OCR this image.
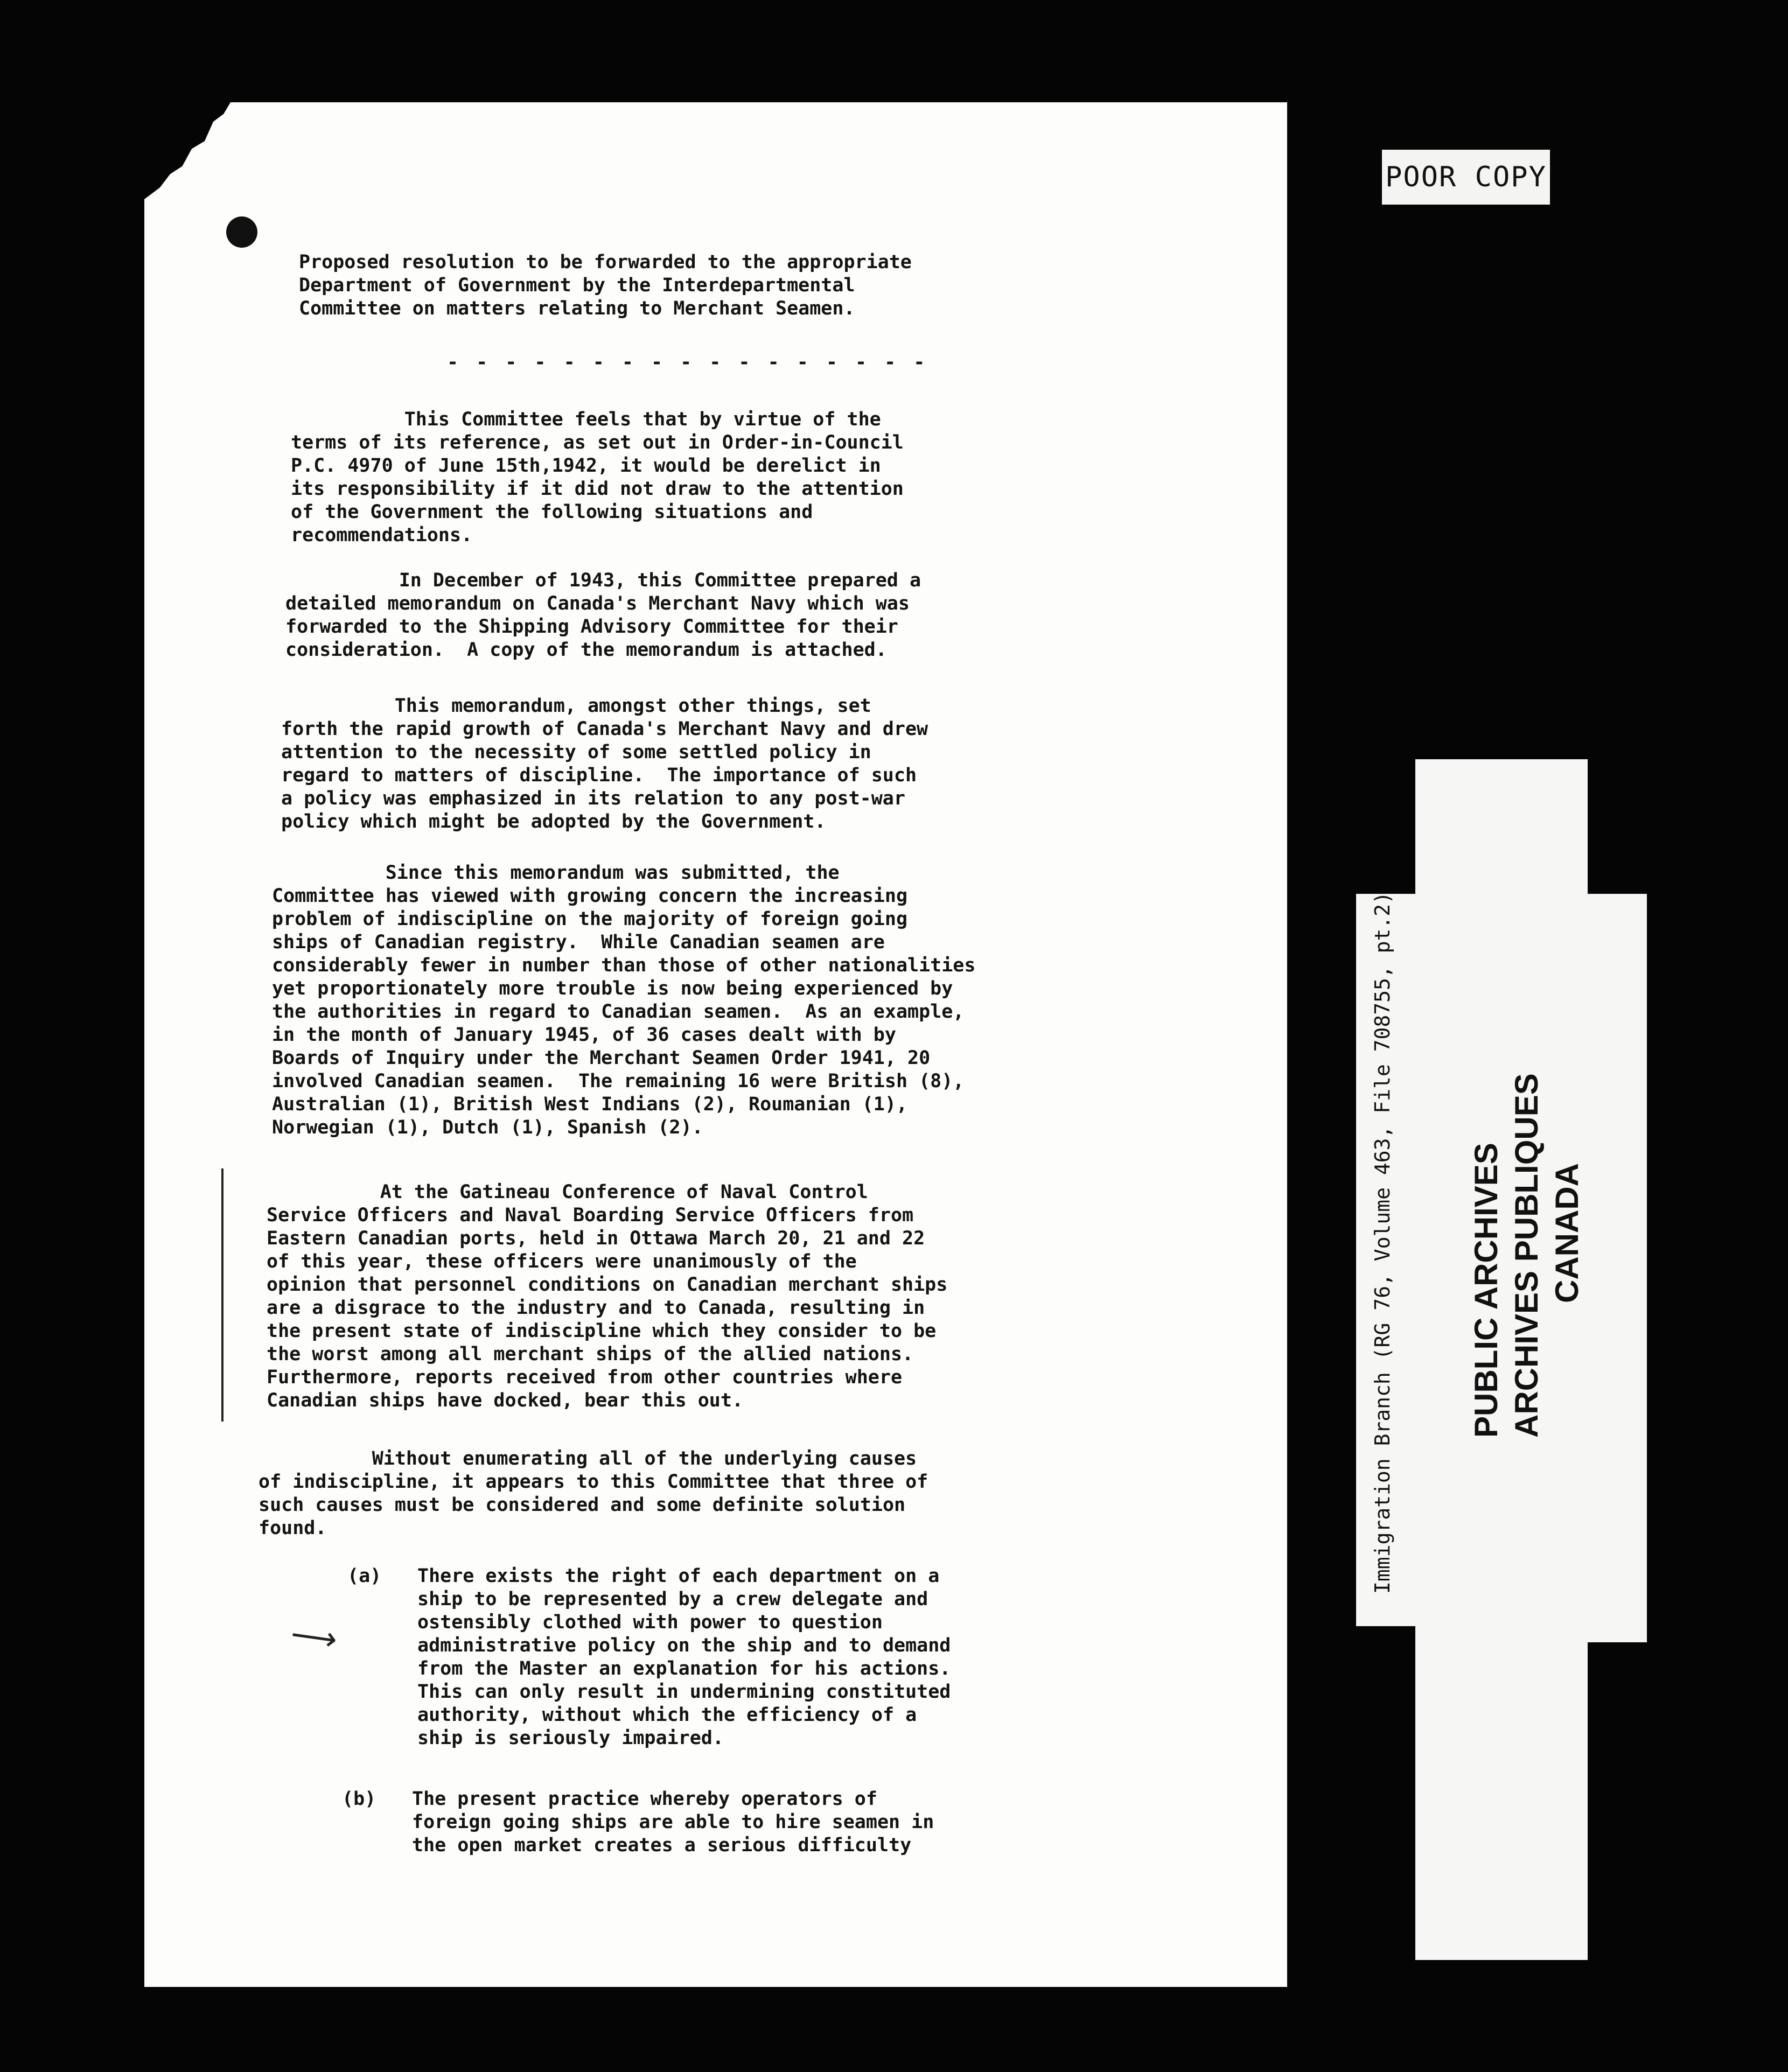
⟶
Proposed resolution to be forwarded to the appropriate
Department of Government by the Interdepartmental
Committee on matters relating to Merchant Seamen.
- - - - - - - - - - - - - - - - -
This Committee feels that by virtue of the
terms of its reference, as set out in Order-in-Council
P.C. 4970 of June 15th,1942, it would be derelict in
its responsibility if it did not draw to the attention
of the Government the following situations and
recommendations.
In December of 1943, this Committee prepared a
detailed memorandum on Canada's Merchant Navy which was
forwarded to the Shipping Advisory Committee for their
consideration.  A copy of the memorandum is attached.
This memorandum, amongst other things, set
forth the rapid growth of Canada's Merchant Navy and drew
attention to the necessity of some settled policy in
regard to matters of discipline.  The importance of such
a policy was emphasized in its relation to any post-war
policy which might be adopted by the Government.
Since this memorandum was submitted, the
Committee has viewed with growing concern the increasing
problem of indiscipline on the majority of foreign going
ships of Canadian registry.  While Canadian seamen are
considerably fewer in number than those of other nationalities
yet proportionately more trouble is now being experienced by
the authorities in regard to Canadian seamen.  As an example,
in the month of January 1945, of 36 cases dealt with by
Boards of Inquiry under the Merchant Seamen Order 1941, 20
involved Canadian seamen.  The remaining 16 were British (8),
Australian (1), British West Indians (2), Roumanian (1),
Norwegian (1), Dutch (1), Spanish (2).
At the Gatineau Conference of Naval Control
Service Officers and Naval Boarding Service Officers from
Eastern Canadian ports, held in Ottawa March 20, 21 and 22
of this year, these officers were unanimously of the
opinion that personnel conditions on Canadian merchant ships
are a disgrace to the industry and to Canada, resulting in
the present state of indiscipline which they consider to be
the worst among all merchant ships of the allied nations.
Furthermore, reports received from other countries where
Canadian ships have docked, bear this out.
Without enumerating all of the underlying causes
of indiscipline, it appears to this Committee that three of
such causes must be considered and some definite solution
found.
(a) There exists the right of each department on a
ship to be represented by a crew delegate and
ostensibly clothed with power to question
administrative policy on the ship and to demand
from the Master an explanation for his actions.
This can only result in undermining constituted
authority, without which the efficiency of a
ship is seriously impaired.
(b) The present practice whereby operators of
foreign going ships are able to hire seamen in
the open market creates a serious difficulty
POOR COPY
Immigration Branch (RG 76, Volume 463, File 708755, pt.2) PUBLIC ARCHIVES ARCHIVES PUBLIQUES CANADA
